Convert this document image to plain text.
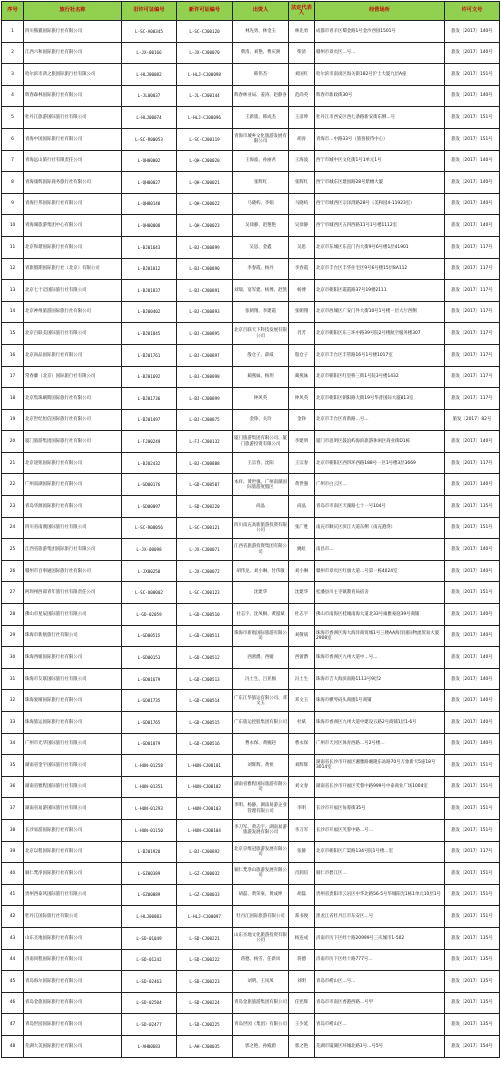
序号	旅行社名称	旧许可证编号	新许可证编号	出资人	法定代表人	经营场所	许可文号
1	四川熊猫国际旅行社有限公司	L-SC-A00345	L-SC-CJ00120	林先勇、林金玉	林先勇	成都市青羊区蜀金路1号金沙西园1501号	旅发〔2017〕140号
2	江西六和国际旅行社有限公司	L-JX-00166	L-JX-CJ00070	柴清、刘艳、曹庆洲	柴清	赣州市章贡区…号…	旅发〔2017〕140号
3	哈尔滨市鸿之旅国际旅行社有限公司	L-HLJ00082	L-HLJ-CJ00098	韩伟杰	刘国红	哈尔滨市南岗区海关街182号沪士大厦九层A座	旅发〔2017〕151号
4	辉春森林国际旅行社有限公司	L-JL00037	L-JL-CJ00144	辉春林业局、姜涛、赵静喜	范尚英	辉春市新政街30号	旅发〔2017〕140号
5	牡丹江旅游国际旅行社有限公司	L-HLJ00074	L-HLJ-CJ00096	王新旅、韩成杰	王彦坤	牡丹江市西安区西七条路新安街东侧…号	旅发〔2017〕151号
6	青海中国国际旅行社有限公司	L-SC-R00053	L-SC-CJ00119	青海市城乡文化旅游发展有限公司	胡涛	青海市…中路33号（旅客接待中心）	旅发〔2017〕151号
7	青海远山旅行社有限责任公司	L-QH00002	L-QH-CJ00020	王海波、孙丽君	王海波	西宁市城中区文化街1号1单元1号	旅发〔2017〕140号
8	青海康辉国际商务旅行社有限公司	L-QH00027	L-QH-CJ00021	张辉红	张辉红	西宁市城东区建国路28号紫檀大厦	旅发〔2017〕140号
9	青海巨邦国际旅行社有限公司	L-QH00148	L-QH-CJ00022	马晓屿、李娟	马晓屿	西宁市城西区宗泽湾路28号（美和园4-11923室）	旅发〔2017〕140号
10	青海湖旅游集团中心有限公司	L-QH00008	L-QH-CJ00023	吴徐静、赵艳艳	吴徐静	西宁市城西区五四西路11号1号楼1112室	旅发〔2017〕140号
11	北京和谐国际旅行社有限公司	L-BJ01643	L-BJ-CJ00899	吴思、金鑫	吴思	北京市东城区东直门内大街9号6号楼1层41901	旅发〔2017〕117号
12	青旅假期国际旅行社（北京）有限公司	L-BJ01812	L-BJ-CJ00890	李春霞、杨丹	李春霞	北京市丰台区丰华住宅区9号6号楼15层8A112	旅发〔2017〕117号
13	北京七十迈国际旅行社有限公司	L-BJ01837	L-BJ-CJ00891	刘瑞、宽军建、杨博、赵凯	杨博	北京市朝阳区霞霞路37号19楼2111	旅发〔2017〕117号
14	北京神州旅游国际旅行社有限公司	L-BJ00402	L-BJ-CJ00893	张朝翔、李建霞	张朝翔	北京市西城区广安门外大街10号1号楼一层大厅西侧	旅发〔2017〕117号
15	北京百联美国际旅行社有限公司	L-BJ01845	L-BJ-CJ00895	北京百联天下科技发展有限公司	肖芳	北京市朝阳区东三环中路39号院2号楼航空服务楼307	旅发〔2017〕117号
16	北京尚品国际旅行社有限公司	L-BJ01761	L-BJ-CJ00897	殷仓子、薛威	殷仓子	北京市丰台区丰管路16号1号楼1017室	旅发〔2017〕117号
17	常春藤（北京）国际旅行社有限公司	L-BJ01692	L-BJ-CJ00898	蔺燕妹、杨玥	蔺燕妹	北京市朝阳区红里桥三街1号院3号楼1432	旅发〔2017〕117号
18	北京集珠刷期国际旅行社有限公司	L-BJ01736	L-BJ-CJ00899	钟风英	钟风英	北京市朝阳区朝阳路大街19号华普国际大厦813室	旅发〔2017〕117号
19	北京世纪恒信国际旅行社有限公司	L-BJ01497	L-BJ-CJ00875	金铮、关玲	金铮	北京市丰台区育新路…号…	旅发〔2017〕82号
20	厦门旅游集团国际旅行社有限公司	L-FJ00249	L-FJ-CJ00132	厦门旅游集团有限公司、厦门旅游投资有限公司	李建明	厦门市思明区鼓浪屿海滨旅游休闲区商业街D1栋	旅发〔2017〕140号
21	北京途铭国际旅行社有限公司	L-BJ02432	L-BJ-CJ00888	王宗春、沈阳	王宗春	北京市朝阳区西四环西路188号一区1号楼3层3669	旅发〔2017〕117号
22	广州南湖国际旅行社有限公司	L-GD00176	L-GD-CJ00507	本祥、黄世强、广州南湖国际旅游度假区	黄世强	广州市白云区…	旅发〔2017〕140号
23	青岛华源国际旅行社有限公司	L-SD00097	L-SD-CJ00220	尚晶	尚晶	青岛市市南区天湖路七十一号104号	旅发〔2017〕135号
24	四川省南澳国际旅行社有限公司	L-SC-R00056	L-SC-CJ00121	四川南充高新旅游投资有限公司	张广胜	南充市顺庆区滨江大道东侧（南充港湾）	旅发〔2017〕151号
25	江西省旅游集团国际旅行社有限公司	L-JX-00098	L-JX-CJ00071	江西省旅游投资集团有限公司	姚虹	南昌市…	旅发〔2017〕140号
26	赣州市百事通国际旅行社有限公司	L-JX00250	L-JX-CJ00072	胡伟龙、刘小琳、付伟敏	刘小琳	赣州市章贡区红旗大道…号第一栋4024室	旅发〔2017〕140号
27	阿坝州西部青年旅行社有限责任公司	L-SC-U00002	L-SC-CJ00123	沈建华	沈建华	松潘县川主寺镇教育局宿舍	旅发〔2017〕151号
28	佛山市星辰国际旅行社有限公司	L-GD-02059	L-GD-CJ00510	杜志宇、沈凤桐、黄滋斌	杜志宇	佛山市南海区桂城南海大道北33号雍雅豪庭39号商铺	旅发〔2017〕140号
29	珠海市新航旅行社有限公司	L-GD00515	L-GD-CJ00511	珠海市新航国际旅游有限公司	刘敬斌	珠海市香洲区海大海洋商贸城1号三楼AA海洋国际物流贸易大厦2908室	旅发〔2017〕140号
30	珠海西媛国际旅行社有限公司	L-GD00153	L-GD-CJ00512	西蕾爵、西媛	西蕾爵	珠海市香洲区九州大道中…号…	旅发〔2017〕140号
31	珠海市友联国际旅行社有限公司	L-GD01679	L-GD-CJ00513	冯土生、吕亚棉	冯土生	珠海市吉大海滨南路1113号9层2	旅发〔2017〕140号
32	珠海爱晴国际旅行社有限公司	L-GD01735	L-GD-CJ00514	广东江华旅运有限公司、邓文玉	邓文玉	珠海市横琴码头商圈1号商铺	旅发〔2017〕140号
33	珠海旅运国际旅行社有限公司	L-GD01765	L-GD-CJ00515	广东旅运控股集团有限公司	杜斌	珠海市香洲区九州大道中建设五路2号商铺1层1-6号	旅发〔2017〕140号
34	广州市光华国际旅行社有限公司	L-GD01879	L-GD-CJ00516	曹永保、黄婉赳	曹永保	广州市天河区体育西路…号2号楼…	旅发〔2017〕140号
35	湖南省金宇国际旅行社有限公司	L-HUN-01258	L-HUN-CJ00101	刘辉辉、黄侯	刘辉辉	湖南省长沙市开福区湘雅路湘隆东站路70号万象新天5座18号3014室	旅发〔2017〕151号
36	湖南省雅程国际旅行社有限公司	L-HUN-01351	L-HUN-CJ00102	湖南省雅程国际旅游有限公司	刘文春	湖南省长沙市开福区芙蓉中路999号中泰商业广场1004室	旅发〔2017〕151号
37	湖南省易游国际旅行社有限公司	L-HUN-01293	L-HUN-CJ00103	李明、杨静、湖南易游企业管理有限公司	李明	长沙市开福区每蓉街35号	旅发〔2017〕151号
38	长沙易游国际旅行社有限公司	L-HUN-01150	L-HUN-CJ00104	李刀军、黄志宇、湖南易游旅游发展有限公司	李刀军	长沙市开福区芙蓉中路…号…	旅发〔2017〕151号
39	北京以程国际旅行社有限公司	L-BJ01920	L-BJ-CJ00892	北京京维冠旅游发展有限公司	张静	北京市朝阳区广渠路134号院1号楼…室	旅发〔2017〕117号
40	铜仁梵净国际旅行社有限公司	L-GZ00389	L-GZ-CJ00032	铜仁梵净山旅游发展有限公司	肖润培	铜仁市碧江区…	旅发〔2017〕151号
41	贵州西泰风国际旅行社有限公司	L-GZ00089	L-GZ-CJ00033	胡磊、黄荣豪、黄成坤	胡磊	贵州省贵阳市云岩区中华北路56-5号华城阳光1栋1单元10层1号	旅发〔2017〕151号
42	牡丹江国际旅行社有限公司	L-HLJ00083	L-HLJ-CJ00097	牡丹江国际旅游有限公司	郑书俊	黑龙江省牡丹江市东安区…号	旅发〔2017〕151号
43	山东圣地国际旅行社有限公司	L-SD-01049	L-SD-CJ00221	山东圣地文化旅游投资有限公司	杨连成	济南市历下区经十路20999号三庆城市1-502	旅发〔2017〕135号
44	济南同程国际旅行社有限公司	L-SD-01242	L-SD-CJ00222	蒋德、杨雪、任新凤	蒋德	济南市历下区经十路777号…	旅发〔2017〕135号
45	青岛海尔国际旅行社有限公司	L-SD-02463	L-SD-CJ00223	刘明、王凤凤	刘明	青岛市崂山区…号…	旅发〔2017〕135号
46	青岛金旅国际旅行社有限公司	L-SD-02504	L-SD-CJ00224	青岛金旅旅游集团有限公司	任宪辉	青岛市市南区香港西路…号甲	旅发〔2017〕135号
47	青岛世园国际旅行社有限公司	L-SD-02477	L-SD-CJ00225	青岛世园（集团）有限公司	王少延	青岛市崂山区…	旅发〔2017〕135号
48	芜湖大美国际旅行社有限公司	L-AH00683	L-AH-CJ00035	郭之艳、孙殿蔚	郭之艳	芜湖市镜湖区环城北路1号…号5号	旅发〔2017〕154号
